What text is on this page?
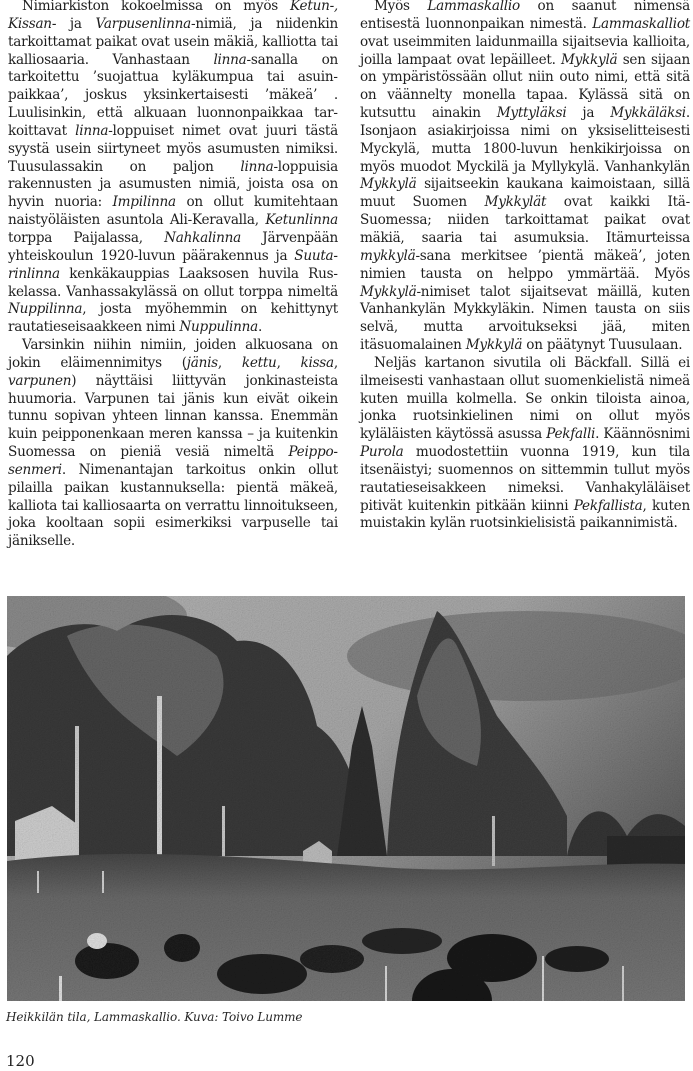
Nimiarkiston kokoelmissa on myös Ketun-, Kissan- ja Varpusenlinna-nimiä, ja niidenkin tarkoittamat paikat ovat usein mäkiä, kalliotta tai kalliosaaria. Vanhastaan linna-sanalla on tarkoitettu ’suojattua kyläkumpua tai asuinpaikkaa’, joskus yksinkertaisesti ’mäkeä’ . Luulisinkin, että alkuaan luonnonpaikkaa tarkoittavat linna-loppuiset nimet ovat juuri tästä syystä usein siirtyneet myös asumusten nimiksi. Tuusulassakin on paljon linna-loppuisia rakennusten ja asumusten nimiä, joista osa on hyvin nuoria: Impilinna on ollut kumitehtaan naistyöläisten asuntola Ali-Keravalla, Ketunlinna torppa Paijalassa, Nahkalinna Järvenpään yhteiskoulun 1920-luvun päärakennus ja Suutarinlinna kenkäkauppias Laaksosen huvila Ruskelassa. Vanhassakylässä on ollut torppa nimeltä Nuppilinna, josta myöhemmin on kehittynyt rautatieseisaakkeen nimi Nuppulinna.

Varsinkin niihin nimiin, joiden alkuosana on jokin eläimennimitys (jänis, kettu, kissa, varpunen) näyttäisi liittyvän jonkinasteista huumoria. Varpunen tai jänis kun eivät oikein tunnu sopivan yhteen linnan kanssa. Enemmän kuin peipponenkaan meren kanssa – ja kuitenkin Suomessa on pieniä vesiä nimeltä Peipposenmeri. Nimenantajan tarkoitus onkin ollut pilailla paikan kustannuksella: pientä mäkeä, kalliota tai kalliosaarta on verrattu linnoitukseen, joka kooltaan sopii esimerkiksi varpuselle tai jänikselle.

Myös Lammaskallio on saanut nimensä entisestä luonnonpaikan nimestä. Lammaskalliot ovat useimmiten laidunmailla sijaitsevia kallioita, joilla lampaat ovat lepäilleet. Mykkylä sen sijaan on ympäristössään ollut niin outo nimi, että sitä on väännelty monella tapaa. Kylässä sitä on kutsuttu ainakin Myttyläksi ja Mykkäläksi. Isonjaon asiakirjoissa nimi on yksiselitteisesti Myckylä, mutta 1800-luvun henkikirjoissa on myös muodot Myckilä ja Myllykylä. Vanhankylän Mykkylä sijaitseekin kaukana kaimoistaan, sillä muut Suomen Mykkylät ovat kaikki Itä-Suomessa; niiden tarkoittamat paikat ovat mäkiä, saaria tai asumuksia. Itämurteissa mykkylä-sana merkitsee ’pientä mäkeä’, joten nimien tausta on helppo ymmärtää. Myös Mykkylä-nimiset talot sijaitsevat mäillä, kuten Vanhankylän Mykkyläkin. Nimen tausta on siis selvä, mutta arvoitukseksi jää, miten itäsuomalainen Mykkylä on päätynyt Tuusulaan.

Neljäs kartanon sivutila oli Bäckfall. Sillä ei ilmeisesti vanhastaan ollut suomenkielistä nimeä kuten muilla kolmella. Se onkin tiloista ainoa, jonka ruotsinkielinen nimi on ollut myös kyläläisten käytössä asussa Pekfalli. Käännösnimi Purola muodostettiin vuonna 1919, kun tila itsenäistyi; suomennos on sittemmin tullut myös rautatieseisakkeen nimeksi. Vanhakyläläiset pitivät kuitenkin pitkään kiinni Pekfallista, kuten muistakin kylän ruotsinkielisistä paikannimistä.

Heikkilän tila, Lammaskallio. Kuva: Toivo Lumme
120
